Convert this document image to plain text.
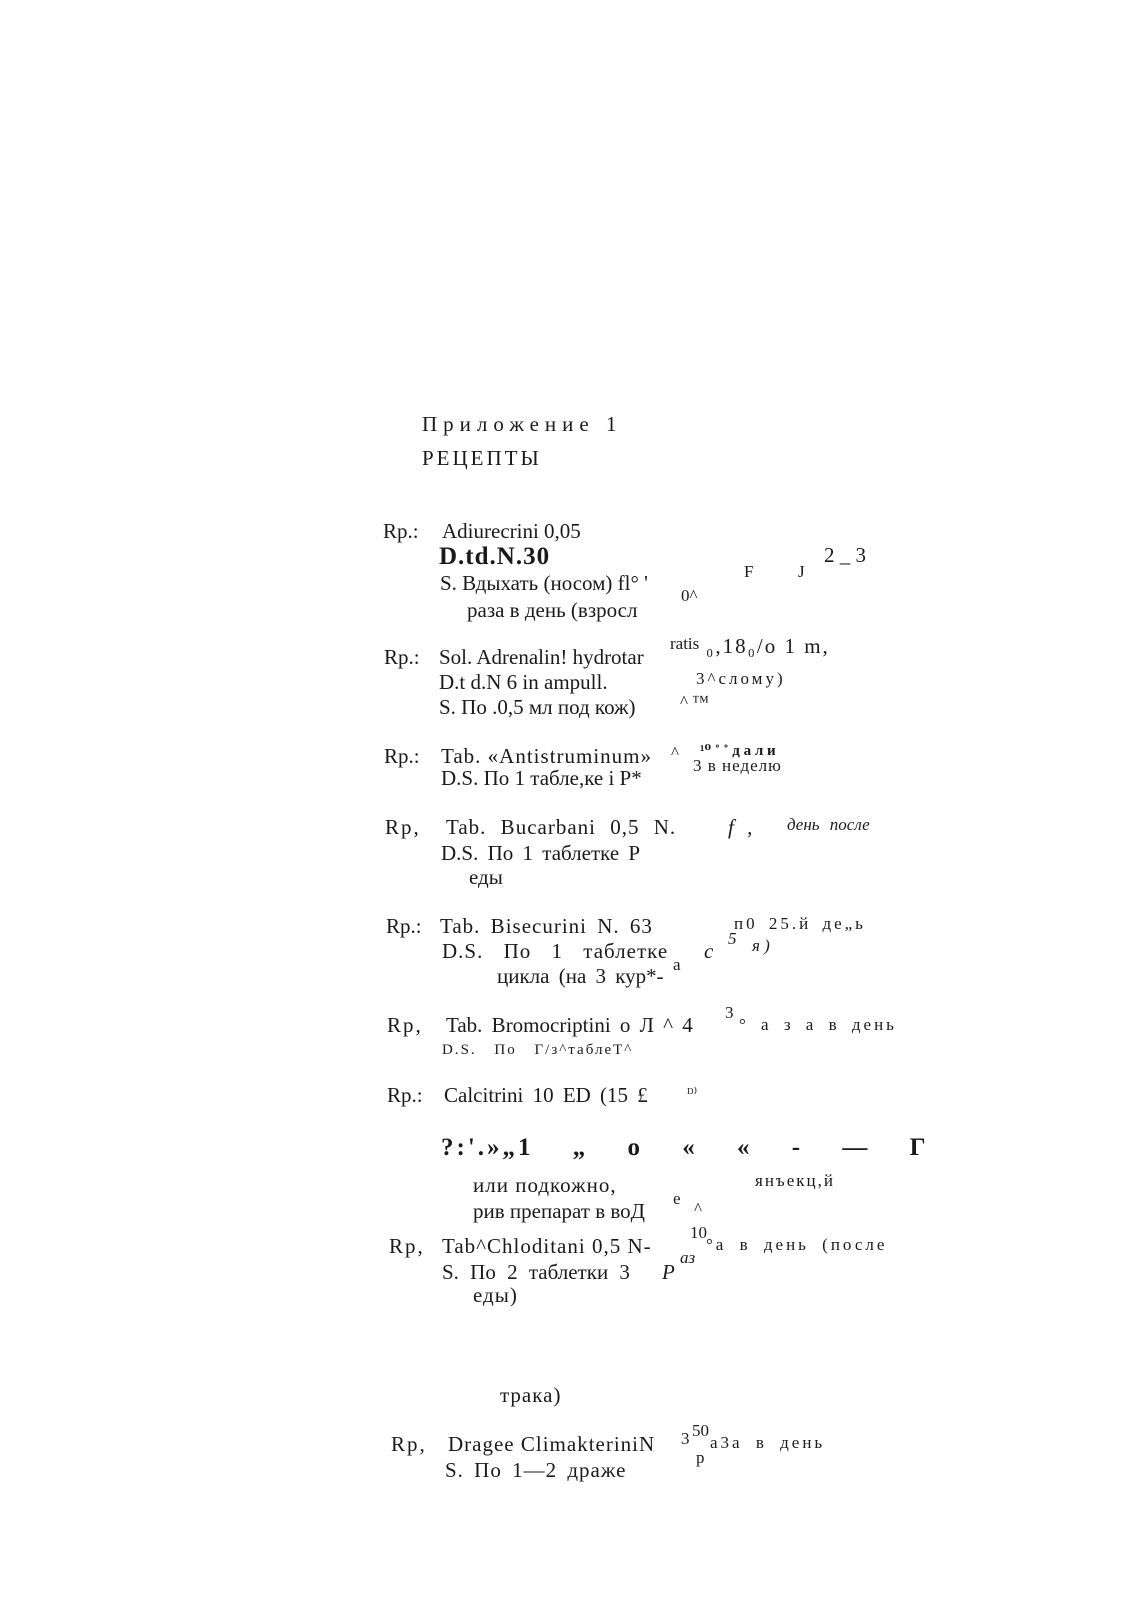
Приложение 1
РЕЦЕПТЫ
Rp.: Adiurecrini 0,05
D.td.N.30
F	J
2 _ 3
S. Вдыхать (носом) fl° '
раза в день (взросл
0^
Rp.: Sol. Adrenalin! hydrotar
ratis ₀,18₀/o 1 m,
D.t d.N 6 in ampull.	3^слому)
S. По .0,5 мл под кож)	^ ™
Rp.: Tab. «Antistruminum» ^ ¹⁰ ˚ ˚ д а л и
D.S. По 1 табле,ке і Р*
3 в неделю
Rp, Tab. Bucarbani 0,5 N. f , день после
D.S. По 1 таблетке Р
еды
Rp.: Tab. Bisecurini N. 63	п0 25.й де„ь
D.S. По 1 таблетке с
5 я )
цикла (на 3 кур*- а
Rp, Tab. Bromocriptini о Л ^ 4
3
° а з а в день
D.S. По Г/з^таблеТ^
Rp.: Calcitrini 10 ED (15 £	ᴰ⁾
?:'.»„1 „ о « « - — Г
или подкожно,	янъекц,й
рив препарат в воД
е
^
Rp, Tab^Chloditani 0,5 N-
10
°а в день (после
S. По 2 таблетки 3 Р
аз
еды)
трака)
Rp, Dragee ClimakteriniN 3 50
а3а в день
р
S. По 1—2 драже
